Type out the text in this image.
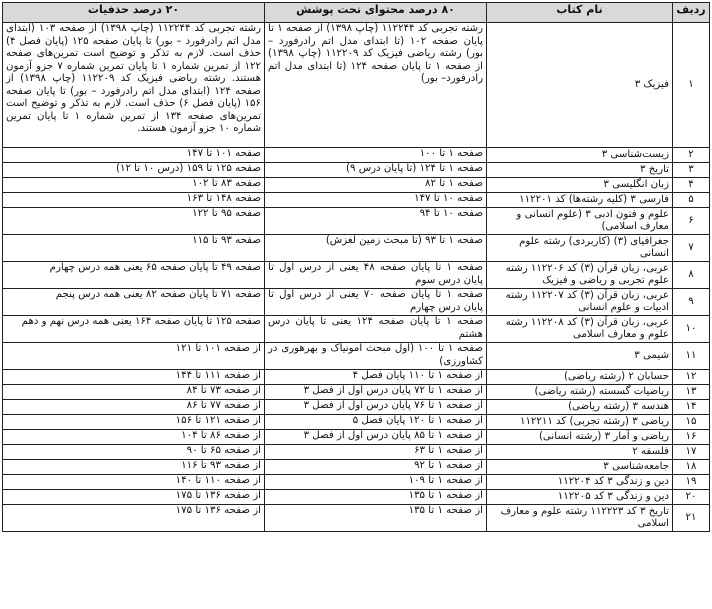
ردیف	نام کتاب	۸۰ درصد محتوای تحت پوشش	۲۰ درصد حذفیات
۱	فیزیک ۳	رشته تجربی کد ۱۱۲۲۴۴ (چاپ ۱۳۹۸) از صفحه ۱ تا پایان صفحه ۱۰۲ (تا ابتدای مدل اتم رادرفورد – بور) رشته ریاضی فیزیک کد ۱۱۲۲۰۹ (چاپ ۱۳۹۸) از صفحه ۱ تا پایان صفحه ۱۲۴ (تا ابتدای مدل اتم رادرفورد– بور)	رشته تجربی کد ۱۱۲۲۴۴ (چاپ ۱۳۹۸) از صفحه ۱۰۳ (ابتدای مدل اتم رادرفورد – بور) تا پایان صفحه ۱۲۵ (پایان فصل ۴) حذف است. لازم به تذکر و توضیح است تمرین‌های صفحه ۱۲۲ از تمرین شماره ۱ تا پایان تمرین شماره ۷ جزو آزمون هستند. رشته ریاضی فیزیک کد ۱۱۲۲۰۹ (چاپ ۱۳۹۸) از صفحه ۱۲۴ (ابتدای مدل اتم رادرفورد – بور) تا پایان صفحه ۱۵۶ (پایان فصل ۶) حذف است. لازم به تذکر و توضیح است تمرین‌های صفحه ۱۳۴ از تمرین شماره ۱ تا پایان تمرین شماره ۱۰ جزو آزمون هستند.
۲	زیست‌شناسی ۳	صفحه ۱ تا ۱۰۰	صفحه ۱۰۱ تا ۱۴۷
۳	تاریخ ۳	صفحه ۱ تا ۱۲۴ (تا پایان درس ۹)	صفحه ۱۲۵ تا ۱۵۹ (درس ۱۰ تا ۱۲)
۴	زبان انگلیسی ۳	صفحه ۱ تا ۸۲	صفحه ۸۳ تا ۱۰۲
۵	فارسی ۳ (کلیه رشته‌ها) کد ۱۱۲۲۰۱	صفحه ۱۰ تا ۱۴۷	صفحه ۱۴۸ تا ۱۶۳
۶	علوم و فنون ادبی ۳ (علوم انسانی و معارف اسلامی)	صفحه ۱۰ تا ۹۴	صفحه ۹۵ تا ۱۲۲
۷	جغرافیای (۳) (کاربردی) رشته علوم انسانی	صفحه ۱ تا ۹۳ (تا مبحث زمین لغزش)	صفحه ۹۳ تا ۱۱۵
۸	عربی، زبان قرآن (۳) کد ۱۱۲۲۰۶ رشته علوم تجربی و ریاضی و فیزیک	صفحه ۱ تا پایان صفحه ۴۸ یعنی از درس اول تا پایان درس سوم	صفحه ۴۹ تا پایان صفحه ۶۵ یعنی همه درس چهارم
۹	عربی، زبان قرآن (۳) کد ۱۱۲۲۰۷ رشته ادبیات و علوم انسانی	صفحه ۱ تا پایان صفحه ۷۰ یعنی از درس اول تا پایان درس چهارم	صفحه ۷۱ تا پایان صفحه ۸۲ یعنی همه درس پنجم
۱۰	عربی، زبان قرآن (۳) کد ۱۱۲۲۰۸ رشته علوم و معارف اسلامی	صفحه ۱ تا پایان صفحه ۱۲۴ یعنی تا پایان درس هشتم	صفحه ۱۲۵ تا پایان صفحه ۱۶۴ یعنی همه درس نهم و دهم
۱۱	شیمی ۳	صفحه ۱ تا ۱۰۰ (اول مبحث آمونیاک و بهرهوری در کشاورزی)	از صفحه ۱۰۱ تا ۱۲۱
۱۲	حسابان ۲ (رشته ریاضی)	از صفحه ۱ تا ۱۱۰ پایان فصل ۴	از صفحه ۱۱۱ تا ۱۴۴
۱۳	ریاضیات گسسته (رشته ریاضی)	از صفحه ۱ تا ۷۲ پایان درس اول از فصل ۳	از صفحه ۷۳ تا ۸۴
۱۴	هندسه ۳ (رشته ریاضی)	از صفحه ۱ تا ۷۶ پایان درس اول از فصل ۳	از صفحه ۷۷ تا ۸۶
۱۵	ریاضی ۳ (رشته تجربی) کد ۱۱۲۲۱۱	از صفحه ۱ تا ۱۲۰ پایان فصل ۵	از صفحه ۱۲۱ تا ۱۵۶
۱۶	ریاضی و آمار ۳ (رشته انسانی)	از صفحه ۱ تا ۸۵ پایان درس اول از فصل ۳	از صفحه ۸۶ تا ۱۰۴
۱۷	فلسفه ۲	از صفحه ۱ تا ۶۳	از صفحه ۶۵ تا ۹۰
۱۸	جامعه‌شناسی ۳	از صفحه ۱ تا ۹۲	از صفحه ۹۳ تا ۱۱۶
۱۹	دین و زندگی ۳ کد ۱۱۲۲۰۴	از صفحه ۱ تا ۱۰۹	از صفحه ۱۱۰ تا ۱۴۰
۲۰	دین و زندگی ۳ کد ۱۱۲۲۰۵	از صفحه ۱ تا ۱۳۵	از صفحه ۱۳۶ تا ۱۷۵
۲۱	تاریخ ۳ کد ۱۱۲۲۲۳ رشته علوم و معارف اسلامی	از صفحه ۱ تا ۱۳۵	از صفحه ۱۳۶ تا ۱۷۵
